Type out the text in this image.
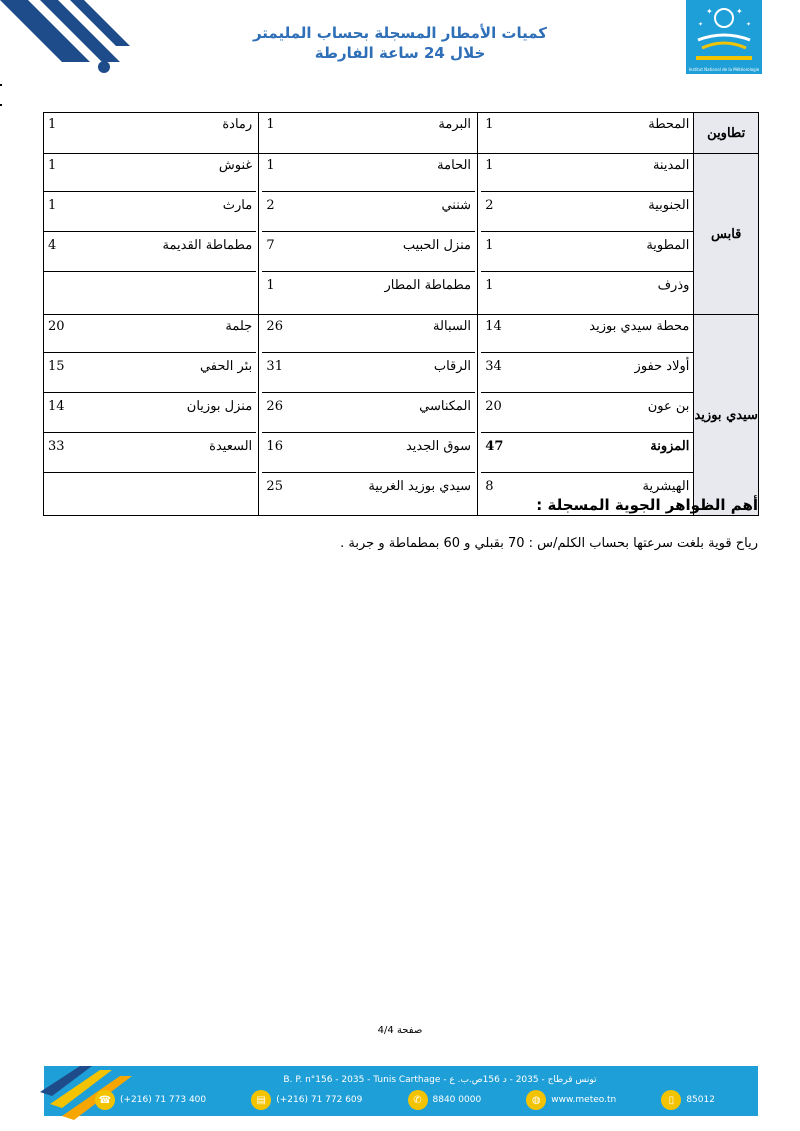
كميات الأمطار المسجلة بحساب المليمتر
خلال 24 ساعة الفارطة
✦	✦
✦	✦
Institut National de la Météorologie
تطاوين	المحطة	1		البرمة	1		رمادة	1
قابس	المدينة	1		الحامة	1		غنوش	1
	الجنوبية	2		شنني	2		مارث	1
	المطوية	1		منزل الحبيب	7		مطماطة القديمة	4
	وذرف	1		مطماطة المطار	1			
سيدي بوزيد	محطة سيدي بوزيد	14		السبالة	26		جلمة	20
	أولاد حفوز	34		الرقاب	31		بئر الحفي	15
	بن عون	20		المكناسي	26		منزل بوزيان	14
	المزونة	47		سوق الجديد	16		السعيدة	33
	الهيشرية	8		سيدي بوزيد الغربية	25			
أهم الظواهر الجوية المسجلة :
رياح قوية بلغت سرعتها بحساب الكلم/س : 70 بقبلي و 60 بمطماطة و جربة .
صفحة 4/4
B. P. n°156 - 2035 - Tunis Carthage - تونس قرطاج - 2035 - د 156ص.ب. ع
☎ (+216) 71 773 400	▤	(+216) 71 772 609	✆	8840 0000	◍	www.meteo.tn	▯	85012
